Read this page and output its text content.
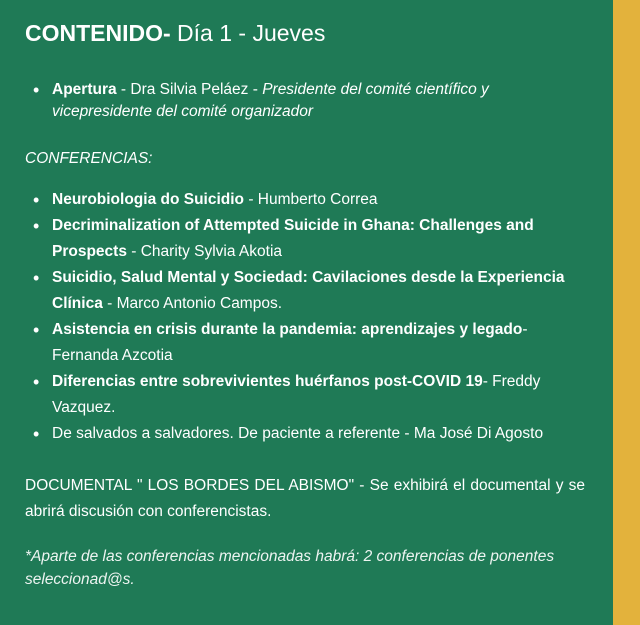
CONTENIDO- Día 1 - Jueves
• Apertura - Dra Silvia Peláez - Presidente del comité científico y vicepresidente del comité organizador
CONFERENCIAS:
• Neurobiologia do Suicidio - Humberto Correa
• Decriminalization of Attempted Suicide in Ghana: Challenges and Prospects - Charity Sylvia Akotia
• Suicidio, Salud Mental y Sociedad: Cavilaciones desde la Experiencia Clínica - Marco Antonio Campos.
• Asistencia en crisis durante la pandemia: aprendizajes y legado- Fernanda Azcotia
• Diferencias entre sobrevivientes huérfanos post-COVID 19- Freddy Vazquez.
• De salvados a salvadores. De paciente a referente - Ma José Di Agosto

DOCUMENTAL " LOS BORDES DEL ABISMO" - Se exhibirá el documental y se abrirá discusión con conferencistas.

*Aparte de las conferencias mencionadas habrá: 2 conferencias de ponentes seleccionad@s.
